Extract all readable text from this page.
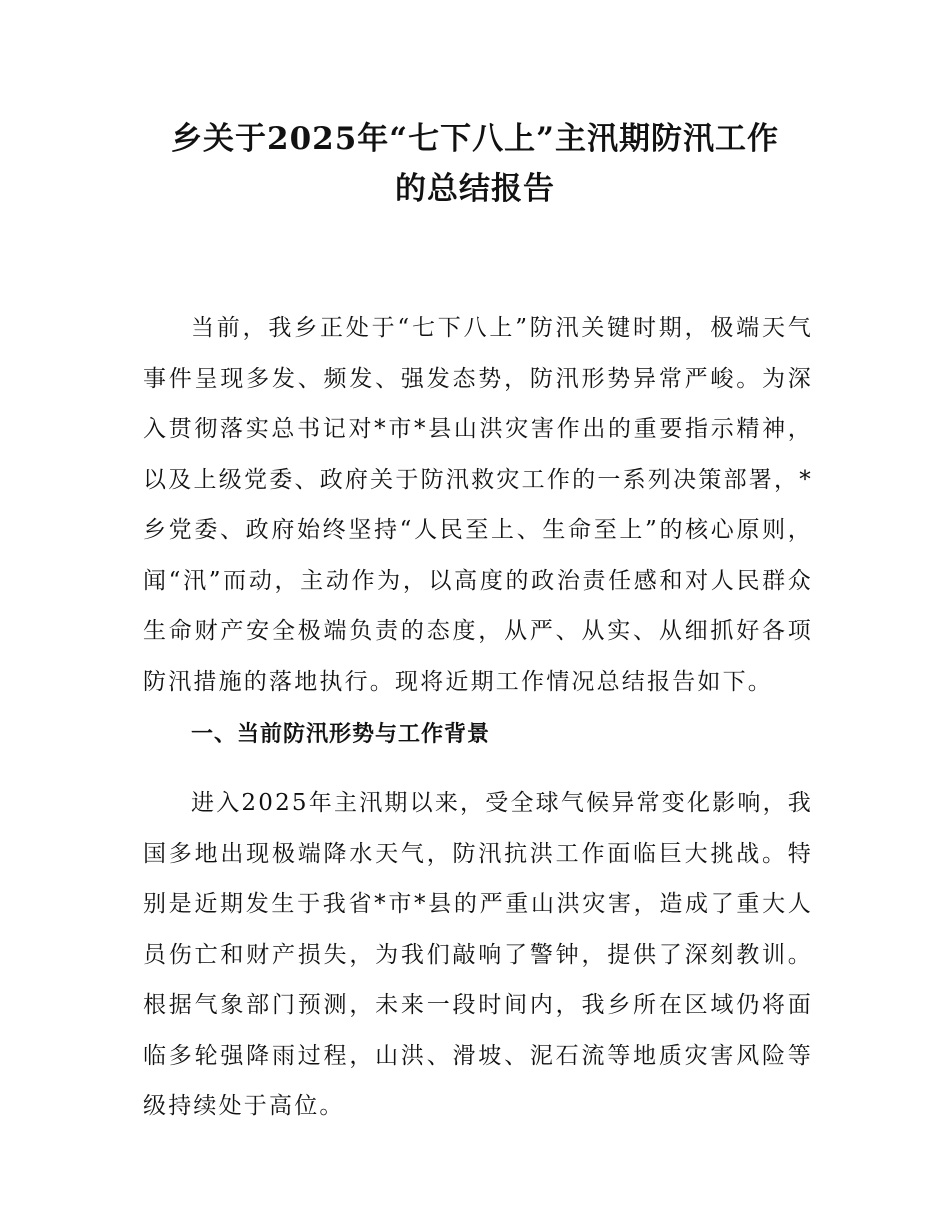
乡关于2025年“七下八上”主汛期防汛工作
的总结报告

当前，我乡正处于“七下八上”防汛关键时期，极端天气事件呈现多发、频发、强发态势，防汛形势异常严峻。为深入贯彻落实总书记对*市*县山洪灾害作出的重要指示精神，以及上级党委、政府关于防汛救灾工作的一系列决策部署，*乡党委、政府始终坚持“人民至上、生命至上”的核心原则，闻“汛”而动，主动作为，以高度的政治责任感和对人民群众生命财产安全极端负责的态度，从严、从实、从细抓好各项防汛措施的落地执行。现将近期工作情况总结报告如下。

一、当前防汛形势与工作背景

进入2025年主汛期以来，受全球气候异常变化影响，我国多地出现极端降水天气，防汛抗洪工作面临巨大挑战。特别是近期发生于我省*市*县的严重山洪灾害，造成了重大人员伤亡和财产损失，为我们敲响了警钟，提供了深刻教训。根据气象部门预测，未来一段时间内，我乡所在区域仍将面临多轮强降雨过程，山洪、滑坡、泥石流等地质灾害风险等级持续处于高位。
